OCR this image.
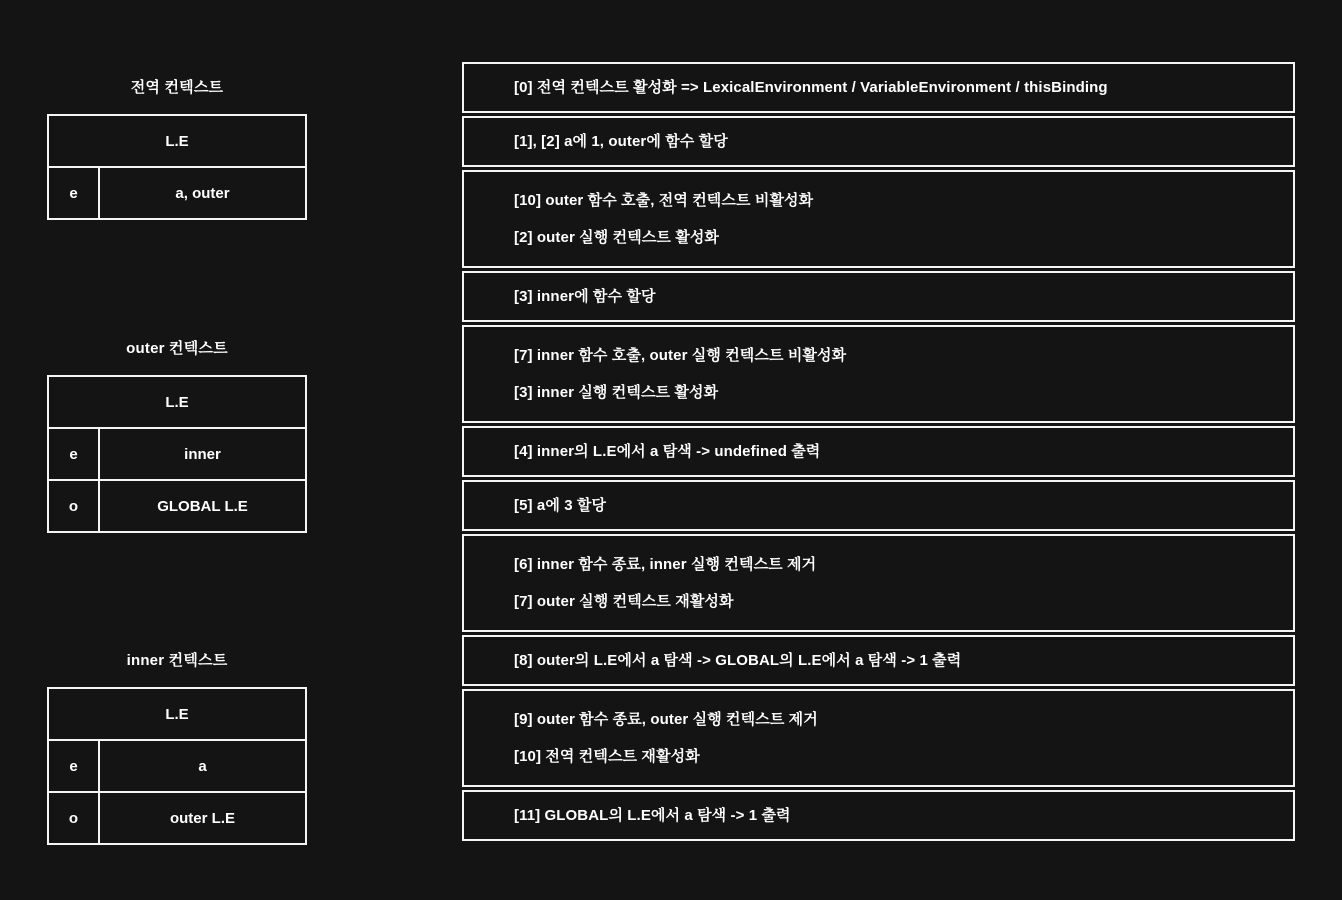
전역 컨텍스트
L.E
e	a, outer
outer 컨텍스트
L.E
e	inner
o	GLOBAL L.E
inner 컨텍스트
L.E
e	a
o	outer L.E
[0] 전역 컨텍스트 활성화 => LexicalEnvironment / VariableEnvironment / thisBinding
[1], [2] a에 1, outer에 함수 할당
[10] outer 함수 호출, 전역 컨텍스트 비활성화
[2] outer 실행 컨텍스트 활성화
[3] inner에 함수 할당
[7] inner 함수 호출, outer 실행 컨텍스트 비활성화
[3] inner 실행 컨텍스트 활성화
[4] inner의 L.E에서 a 탐색 -> undefined 출력
[5] a에 3 할당
[6] inner 함수 종료, inner 실행 컨텍스트 제거
[7] outer 실행 컨텍스트 재활성화
[8] outer의 L.E에서 a 탐색 -> GLOBAL의 L.E에서 a 탐색 -> 1 출력
[9] outer 함수 종료, outer 실행 컨텍스트 제거
[10] 전역 컨텍스트 재활성화
[11] GLOBAL의 L.E에서 a 탐색 -> 1 출력
